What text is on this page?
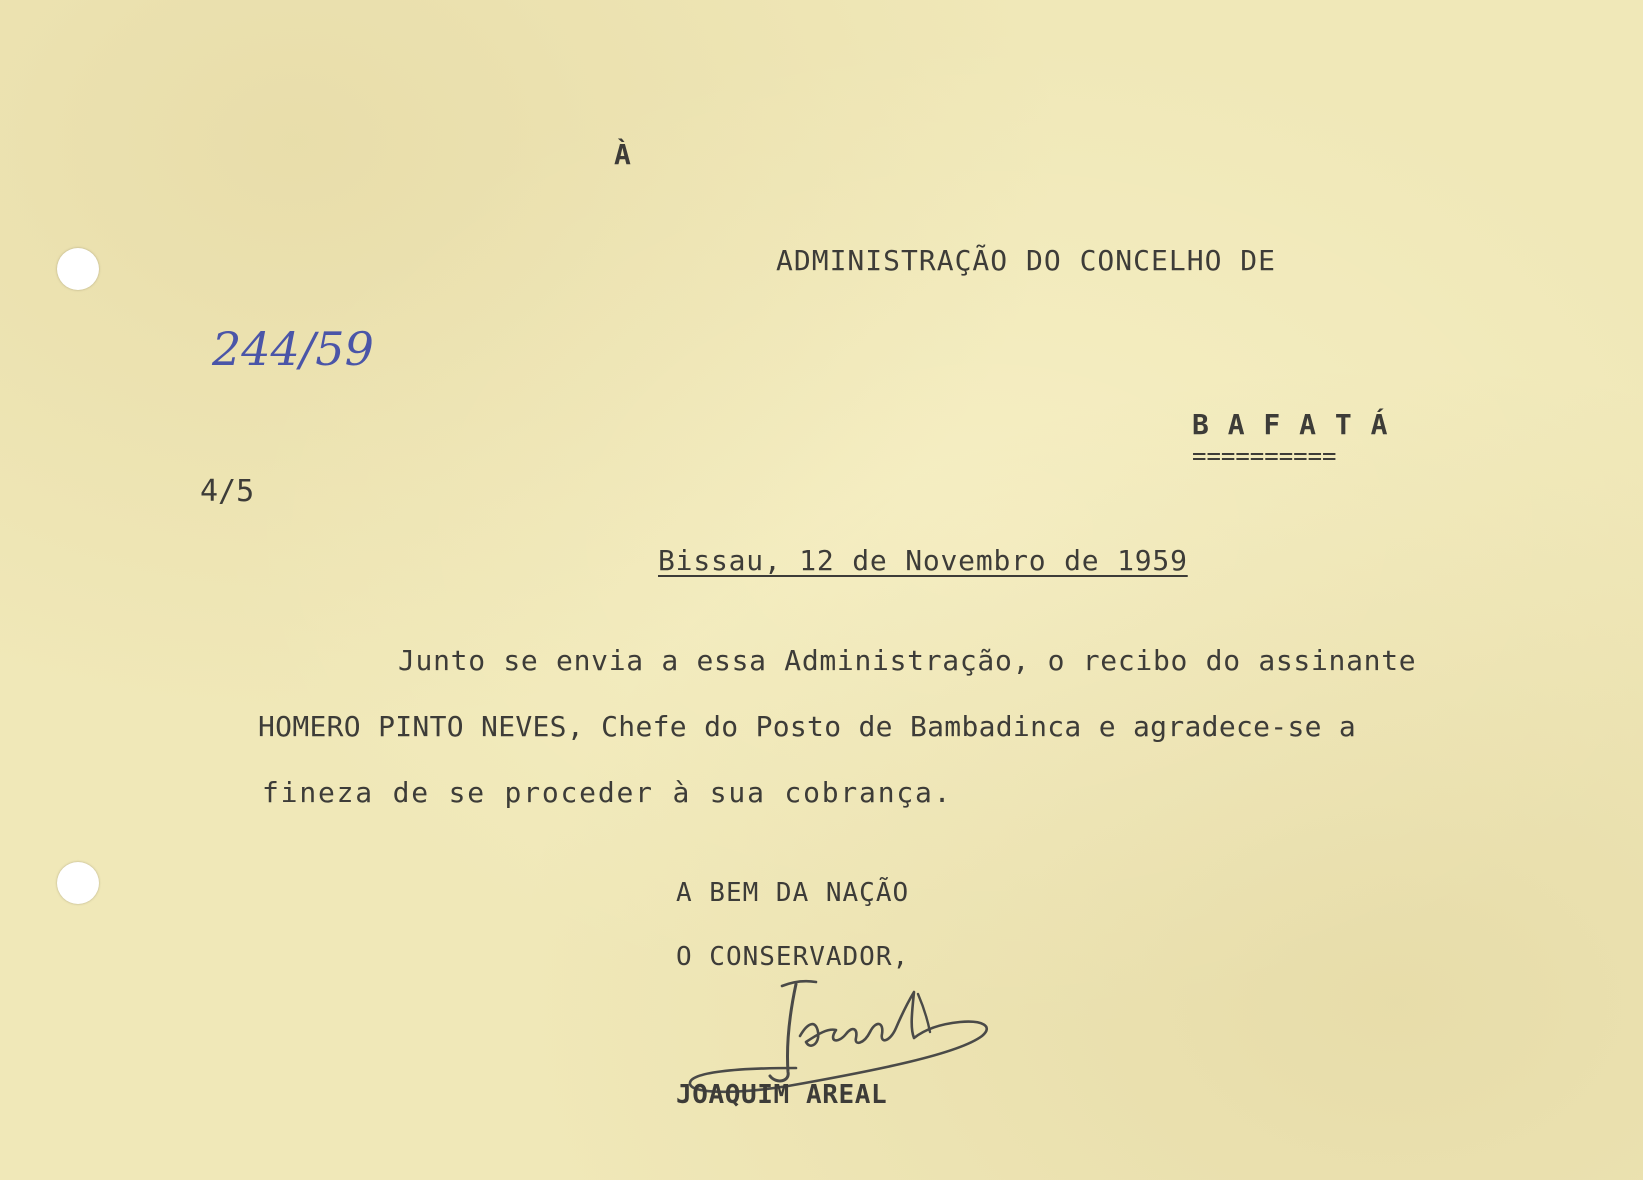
À
ADMINISTRAÇÃO DO CONCELHO DE
244/59
B A F A T Á
==========
4/5
Bissau, 12 de Novembro de 1959
Junto se envia a essa Administração, o recibo do assinante
HOMERO PINTO NEVES, Chefe do Posto de Bambadinca e agradece-se a
fineza de se proceder à sua cobrança.
A BEM DA NAÇÃO
O CONSERVADOR,
JOAQUIM AREAL
